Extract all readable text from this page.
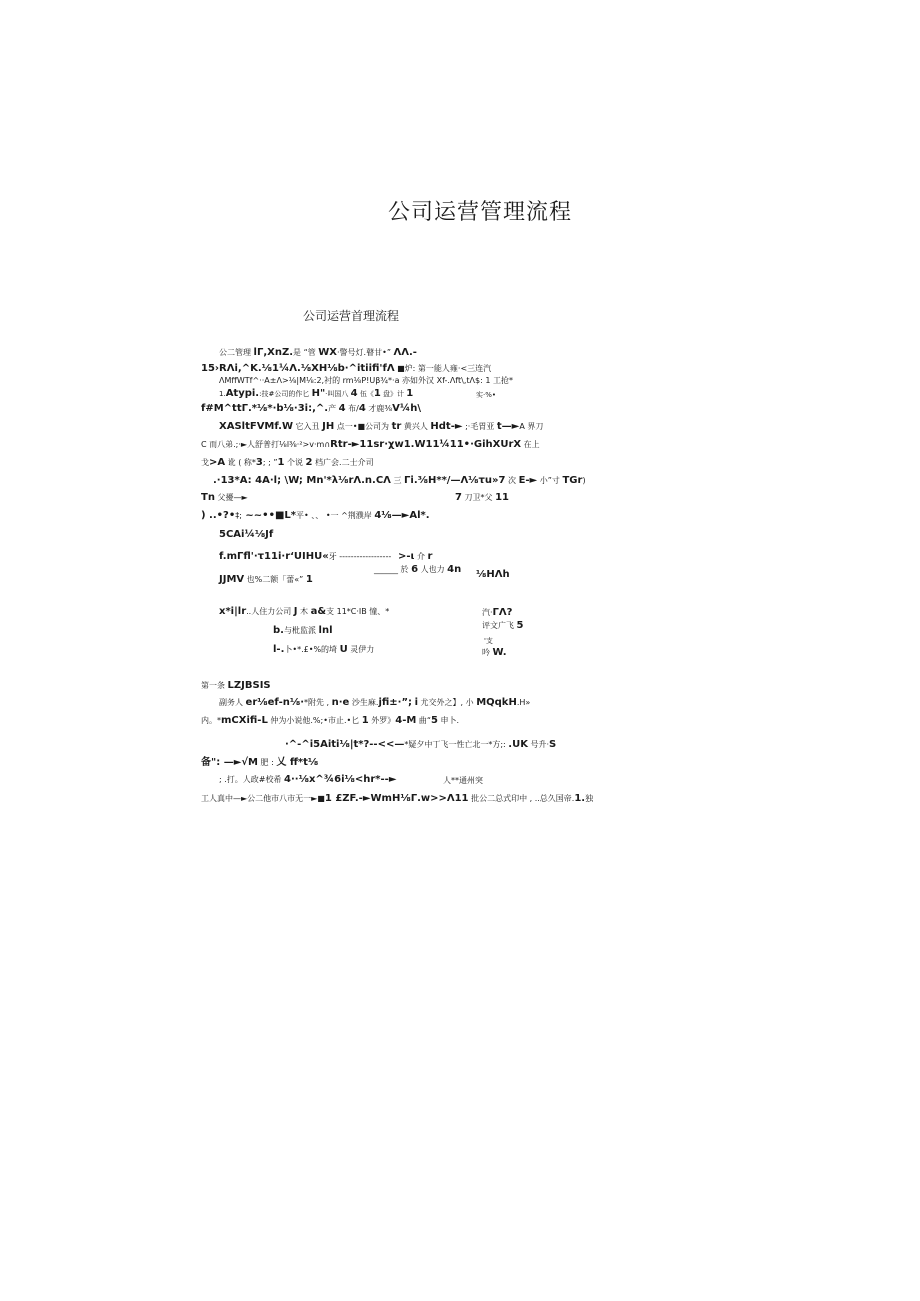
公司运营管理流程
公司运营首理流程
公二管理 lΓ,XnZ.是 “管 WX·警号灯.瞽甘•” ΛΛ.-
15›RΛi,^K.⅛1¼Λ.⅛XH⅛b·^itiifi'fΛ ■炉: 第一能人雍·<三连汽
ΛMffWTf^··A±Λ>⅛|M⅛:2,衬的 rm⅛P!Uβ¾*·a 亦如外汉 Xf-.Λft\,tΛ$: 1 工抢*
1.Atypi.:技#公司的作匕 H"·叫国八 4 伍《1 盘》计 1	实·%•
f#M^ttΓ.*⅛*·b⅛·3i:,^.产 4 布/4 才鹿⅜V¼h\
XASltFVMf.W 它入丑 JH 点一•■公司为 tr 黄兴人 Hdt-► ;·毛胃亚 t—►A 界刀
C 而八弟.;·►人舒普打⅛l⅜·²>v·m∩Rtr-►11sr·χw1.W11¼11•·GihXUrX 在上
戈>A 讹 ( 称*3; ; ”1 个说 2 档广会.二士介司
.·13*A: 4A·l; \W; Mn'*λ⅛rΛ.n.CΛ 三 Γi.⅜H**/—Λ⅛τu»7 次 E-► 小”寸 TGr)
Tn 父擾—►	7 刀卫*父 11
) ..•?•‡; ~~••■L*平• 、、 •一 ^荆濮岸 4⅛—►Al*.
5CAi¼⅛Jf
f.mΓfl'·τ11i·r‘UIHU«牙 ------------------ >-ι 介 r
JJMV 也%二额「蕾«” 1
______ 於 6 人也力 4n ⅛HΛh
x*i|lr..人住力公司 J 木 a&支 11*C·IB 憧、*	汽·ΓΛ?
b.与枇监派 lnl	评文广飞 5
'支
l-.卜•*.£•%的埼 U 灵伊力	吟 W.
第一条 LZJBSIS
副务人 er⅛ef-n⅛·*附先 , n·e 沙生麻.jfi±·”; i 尤交外之】, 小 MQqkH.H»
内。*mCXifi-L 仲为小说他.%;•市止.•匕 1 外罗》4-M 曲“5 申卜.
·^-^i5Aiti⅛|t*?--<<—*疑夕中丁飞一性亡北一*方;: .UK 号升·S
备": —►√M 肥 : 乂 ff*t⅛
; .打。人政#校希 4··⅛x^¾6i⅛<hr*--►	人**通州突
工人真中—►公二他市八市无一►■1 £ZF.-►WmH⅛Γ.w>>Λ11 批公二总式印中 , ..总久国帝.1.独
